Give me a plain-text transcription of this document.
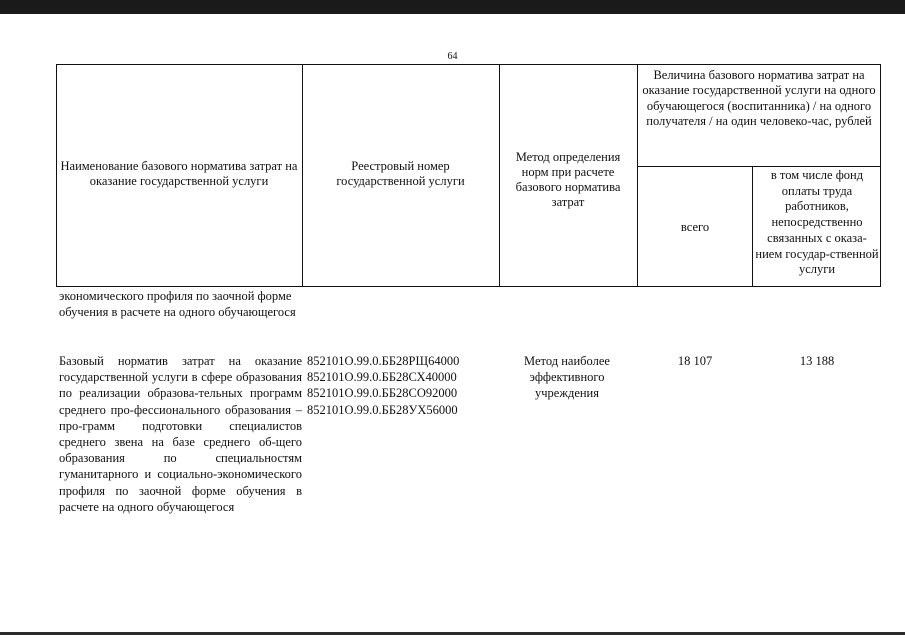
64
Наименование базового норматива затрат на оказание государственной услуги
Реестровый номер государственной услуги
Метод определения норм при расчете базового норматива затрат
Величина базового норматива затрат на оказание государственной услуги на одного обучающегося (воспитанника) / на одного получателя / на один человеко-час, рублей
всего
в том числе фонд оплаты труда работников, непосредственно связанных с оказа-нием государ-ственной услуги
экономического профиля по заочной форме обучения в расчете на одного обучающегося
Базовый норматив затрат на оказание государственной услуги в сфере образования по реализации образова-тельных программ среднего про-фессионального образования – про-грамм подготовки специалистов среднего звена на базе среднего об-щего образования по специальностям гуманитарного и социально-экономического профиля по заочной форме обучения в расчете на одного обучающегося
852101О.99.0.ББ28РЩ64000
852101О.99.0.ББ28СХ40000
852101О.99.0.ББ28СО92000
852101О.99.0.ББ28УХ56000
Метод наиболее эффективного учреждения
18 107	13 188
